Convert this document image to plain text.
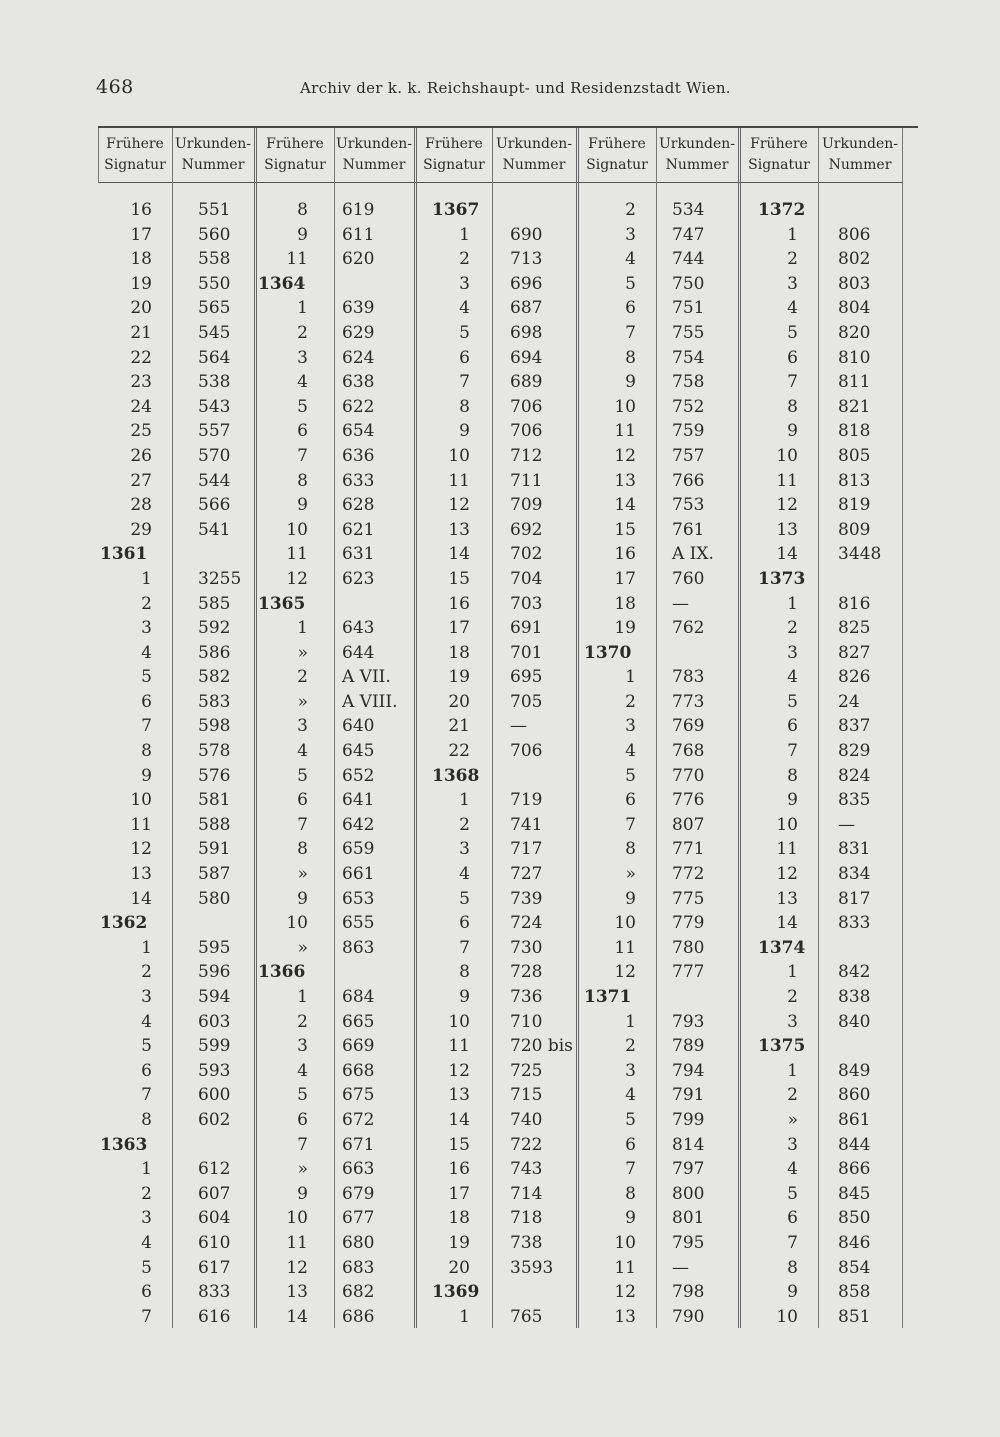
468	Archiv der k. k. Reichshaupt- und Residenzstadt Wien.
Frühere
Signatur
Urkunden-
Nummer
Frühere
Signatur
Urkunden-
Nummer
Frühere
Signatur
Urkunden-
Nummer
Frühere
Signatur
Urkunden-
Nummer
Frühere
Signatur
Urkunden-
Nummer
16
17
18
19
20
21
22
23
24
25
26
27
28
29
1361
1
2
3
4
5
6
7
8
9
10
11
12
13
14
1362
1
2
3
4
5
6
7
8
1363
1
2
3
4
5
6
7
551
560
558
550
565
545
564
538
543
557
570
544
566
541
3255
585
592
586
582
583
598
578
576
581
588
591
587
580
595
596
594
603
599
593
600
602
612
607
604
610
617
833
616
8
9
11
1364
1
2
3
4
5
6
7
8
9
10
11
12
1365
1
»
2
»
3
4
5
6
7
8
»
9
10
»
1366
1
2
3
4
5
6
7
»
9
10
11
12
13
14
619
611
620
639
629
624
638
622
654
636
633
628
621
631
623
643
644
A VII.
A VIII.
640
645
652
641
642
659
661
653
655
863
684
665
669
668
675
672
671
663
679
677
680
683
682
686
1367
1
2
3
4
5
6
7
8
9
10
11
12
13
14
15
16
17
18
19
20
21
22
1368
1
2
3
4
5
6
7
8
9
10
11
12
13
14
15
16
17
18
19
20
1369
1
690
713
696
687
698
694
689
706
706
712
711
709
692
702
704
703
691
701
695
705
—
706
719
741
717
727
739
724
730
728
736
710
720 bis
725
715
740
722
743
714
718
738
3593
765
2
3
4
5
6
7
8
9
10
11
12
13
14
15
16
17
18
19
1370
1
2
3
4
5
6
7
8
»
9
10
11
12
1371
1
2
3
4
5
6
7
8
9
10
11
12
13
534
747
744
750
751
755
754
758
752
759
757
766
753
761
A IX.
760
—
762
783
773
769
768
770
776
807
771
772
775
779
780
777
793
789
794
791
799
814
797
800
801
795
—
798
790
1372
1
2
3
4
5
6
7
8
9
10
11
12
13
14
1373
1
2
3
4
5
6
7
8
9
10
11
12
13
14
1374
1
2
3
1375
1
2
»
3
4
5
6
7
8
9
10
806
802
803
804
820
810
811
821
818
805
813
819
809
3448
816
825
827
826
24
837
829
824
835
—
831
834
817
833
842
838
840
849
860
861
844
866
845
850
846
854
858
851
